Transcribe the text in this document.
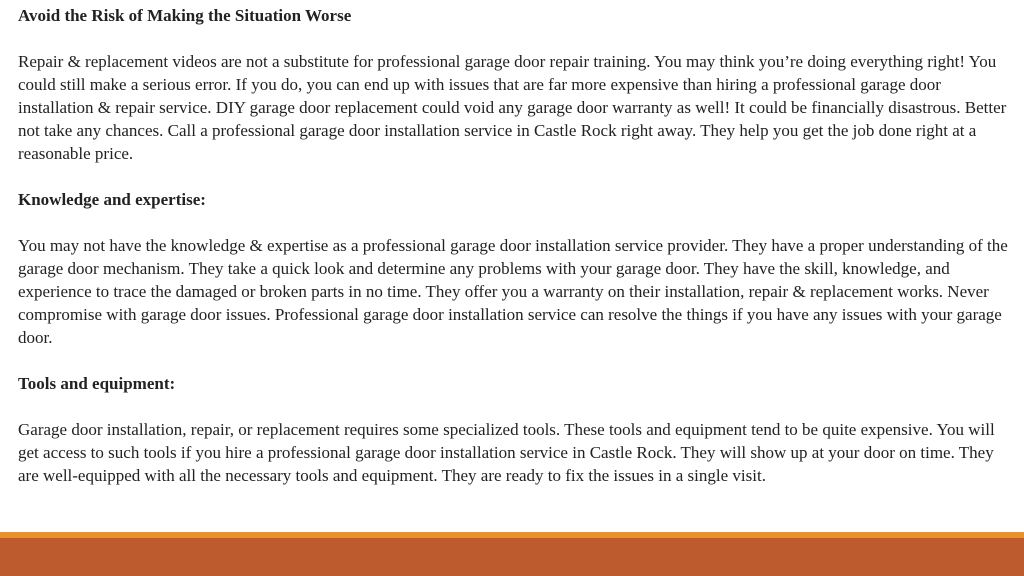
Avoid the Risk of Making the Situation Worse

Repair & replacement videos are not a substitute for professional garage door repair training. You may think you’re doing everything right! You could still make a serious error. If you do, you can end up with issues that are far more expensive than hiring a professional garage door installation & repair service. DIY garage door replacement could void any garage door warranty as well! It could be financially disastrous. Better not take any chances. Call a professional garage door installation service in Castle Rock right away. They help you get the job done right at a reasonable price.

Knowledge and expertise:

You may not have the knowledge & expertise as a professional garage door installation service provider. They have a proper understanding of the garage door mechanism. They take a quick look and determine any problems with your garage door. They have the skill, knowledge, and experience to trace the damaged or broken parts in no time. They offer you a warranty on their installation, repair & replacement works. Never compromise with garage door issues. Professional garage door installation service can resolve the things if you have any issues with your garage door.

Tools and equipment:

Garage door installation, repair, or replacement requires some specialized tools. These tools and equipment tend to be quite expensive. You will get access to such tools if you hire a professional garage door installation service in Castle Rock. They will show up at your door on time. They are well-equipped with all the necessary tools and equipment. They are ready to fix the issues in a single visit.
